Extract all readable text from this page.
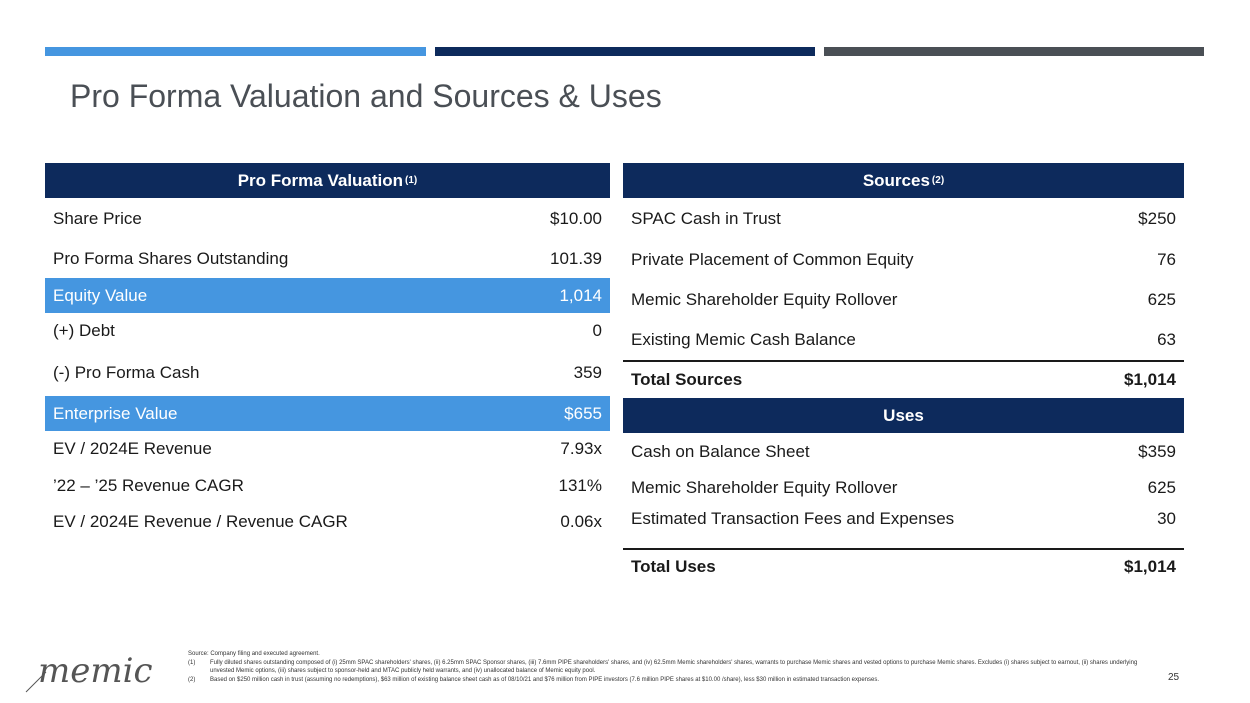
Pro Forma Valuation and Sources & Uses
Pro Forma Valuation (1)
Share Price	$10.00
Pro Forma Shares Outstanding	101.39
Equity Value	1,014
(+) Debt	0
(-) Pro Forma Cash	359
Enterprise Value	$655
EV / 2024E Revenue	7.93x
’22 – ’25 Revenue CAGR	131%
EV / 2024E Revenue / Revenue CAGR	0.06x
Sources (2)
SPAC Cash in Trust	$250
Private Placement of Common Equity	76
Memic Shareholder Equity Rollover	625
Existing Memic Cash Balance	63
Total Sources	$1,014
Uses
Cash on Balance Sheet	$359
Memic Shareholder Equity Rollover	625
Estimated Transaction Fees and Expenses	30
Total Uses	$1,014
memic	Source: Company filing and executed agreement.
(1)	Fully diluted shares outstanding composed of (i) 25mm SPAC shareholders' shares, (ii) 6.25mm SPAC Sponsor shares, (iii) 7.6mm PIPE shareholders' shares, and (iv) 62.5mm Memic shareholders' shares, warrants to purchase Memic shares and vested options to purchase Memic shares. Excludes (i) shares subject to earnout, (ii) shares underlying unvested Memic options, (iii) shares subject to sponsor-held and MTAC publicly held warrants, and (iv) unallocated balance of Memic equity pool.
(2)	Based on $250 million cash in trust (assuming no redemptions), $63 million of existing balance sheet cash as of 08/10/21 and $76 million from PIPE investors (7.6 million PIPE shares at $10.00 /share), less $30 million in estimated transaction expenses.	25
